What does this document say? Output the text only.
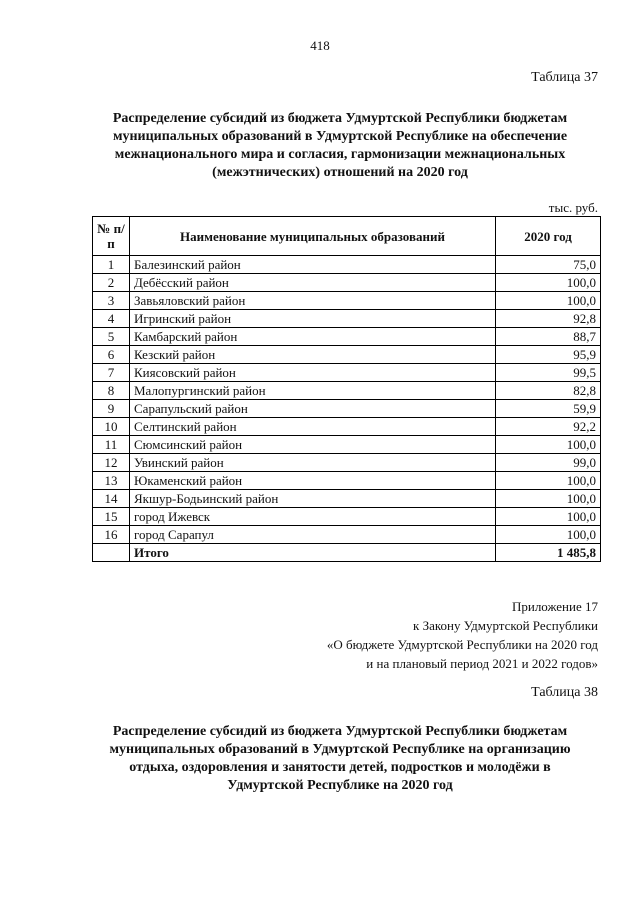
418
Таблица 37
Распределение субсидий из бюджета Удмуртской Республики бюджетам
муниципальных образований в Удмуртской Республике на обеспечение
межнационального мира и согласия, гармонизации межнациональных
(межэтнических) отношений на 2020 год
тыс. руб.
№ п/п	Наименование муниципальных образований	2020 год
1	Балезинский район	75,0
2	Дебёсский район	100,0
3	Завьяловский район	100,0
4	Игринский район	92,8
5	Камбарский район	88,7
6	Кезский район	95,9
7	Киясовский район	99,5
8	Малопургинский район	82,8
9	Сарапульский район	59,9
10	Селтинский район	92,2
11	Сюмсинский район	100,0
12	Увинский район	99,0
13	Юкаменский район	100,0
14	Якшур-Бодьинский район	100,0
15	город Ижевск	100,0
16	город Сарапул	100,0
	Итого	1 485,8
Приложение 17
к Закону Удмуртской Республики
«О бюджете Удмуртской Республики на 2020 год
и на плановый период 2021 и 2022 годов»
Таблица 38
Распределение субсидий из бюджета Удмуртской Республики бюджетам
муниципальных образований в Удмуртской Республике на организацию
отдыха, оздоровления и занятости детей, подростков и молодёжи в
Удмуртской Республике на 2020 год
